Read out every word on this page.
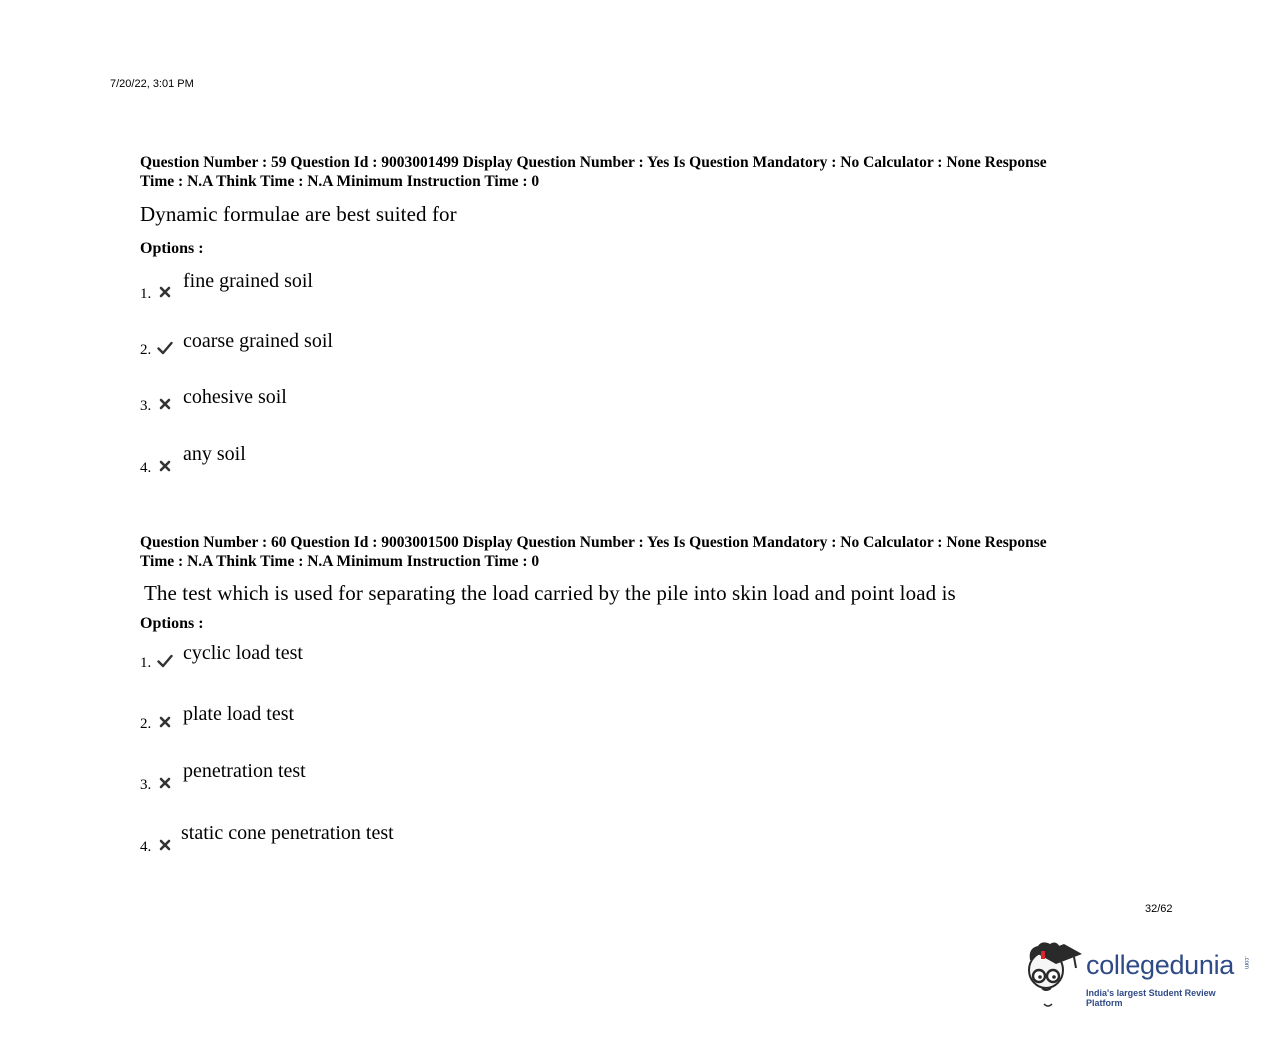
7/20/22, 3:01 PM
Question Number : 59 Question Id : 9003001499 Display Question Number : Yes Is Question Mandatory : No Calculator : None Response
Time : N.A Think Time : N.A Minimum Instruction Time : 0
Dynamic formulae are best suited for
Options :
1.
fine grained soil
2. coarse grained soil
3. cohesive soil
4.
any soil
Question Number : 60 Question Id : 9003001500 Display Question Number : Yes Is Question Mandatory : No Calculator : None Response
Time : N.A Think Time : N.A Minimum Instruction Time : 0
The test which is used for separating the load carried by the pile into skin load and point load is
Options :
1. cyclic load test
2. plate load test
3.
penetration test
4.
static cone penetration test
32/62
collegedunia .com
India's largest Student Review Platform
